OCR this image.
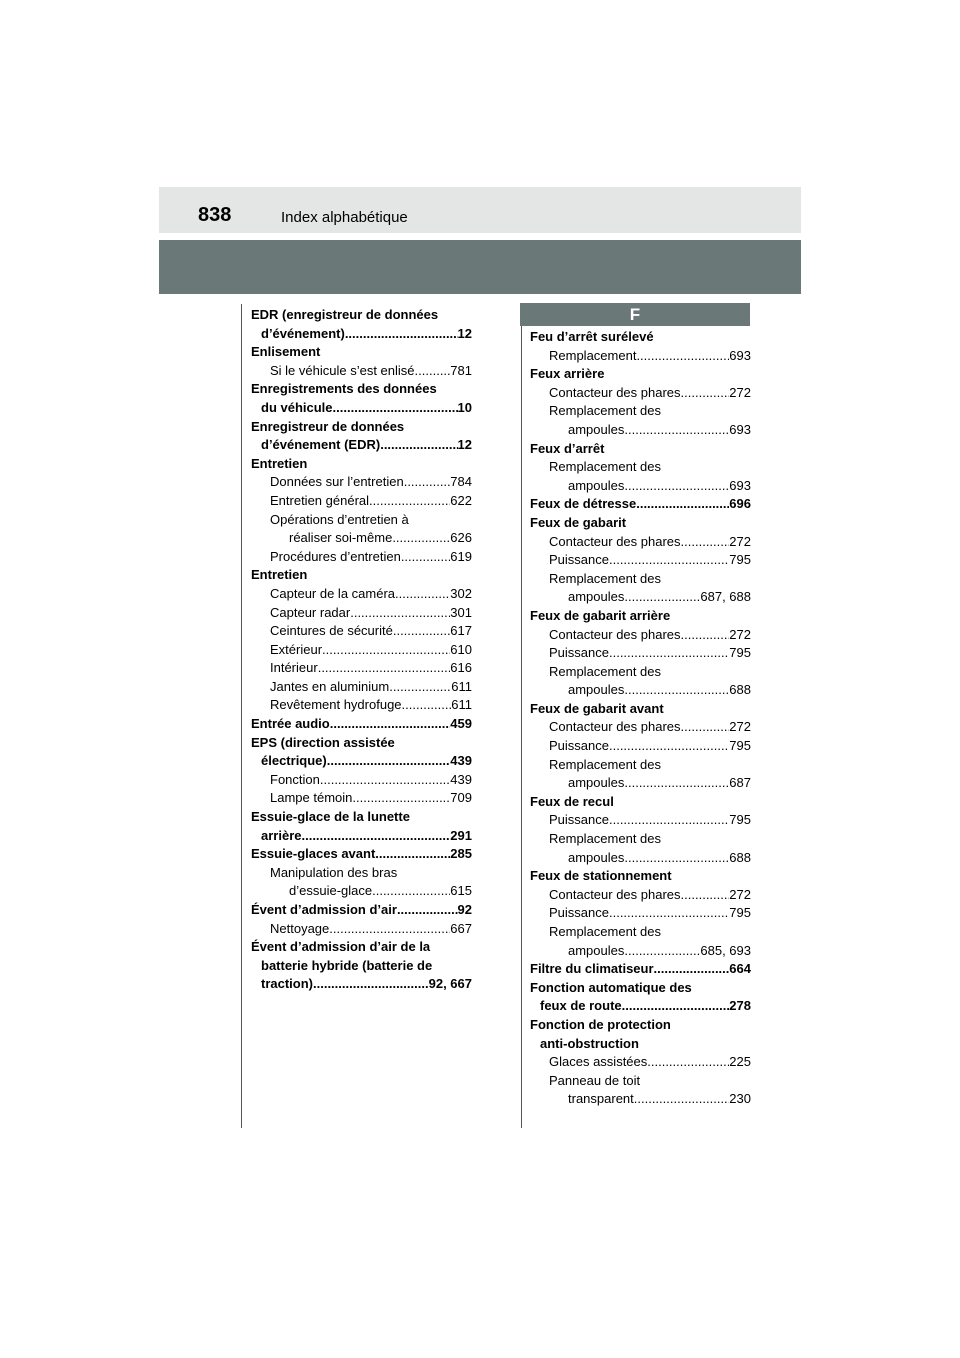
838	Index alphabétique
F
EDR (enregistreur de données
d’événement) .....	12
Enlisement
Si le véhicule s’est enlisé .....	781
Enregistrements des données
du véhicule .....	10
Enregistreur de données
d’événement (EDR) .....	12
Entretien
Données sur l’entretien .....	784
Entretien général .....	622
Opérations d’entretien à
réaliser soi-même .....	626
Procédures d’entretien .....	619
Entretien
Capteur de la caméra .....	302
Capteur radar .....	301
Ceintures de sécurité .....	617
Extérieur .....	610
Intérieur .....	616
Jantes en aluminium .....	611
Revêtement hydrofuge .....	611
Entrée audio .....	459
EPS (direction assistée
électrique) .....	439
Fonction .....	439
Lampe témoin .....	709
Essuie-glace de la lunette
arrière .....	291
Essuie-glaces avant .....	285
Manipulation des bras
d’essuie-glace .....	615
Évent d’admission d’air .....	92
Nettoyage .....	667
Évent d’admission d’air de la
batterie hybride (batterie de
traction) .....	92, 667
Feu d’arrêt surélevé
Remplacement .....	693
Feux arrière
Contacteur des phares .....	272
Remplacement des
ampoules .....	693
Feux d’arrêt
Remplacement des
ampoules .....	693
Feux de détresse .....	696
Feux de gabarit
Contacteur des phares .....	272
Puissance .....	795
Remplacement des
ampoules .....	687, 688
Feux de gabarit arrière
Contacteur des phares .....	272
Puissance .....	795
Remplacement des
ampoules .....	688
Feux de gabarit avant
Contacteur des phares .....	272
Puissance .....	795
Remplacement des
ampoules .....	687
Feux de recul
Puissance .....	795
Remplacement des
ampoules .....	688
Feux de stationnement
Contacteur des phares .....	272
Puissance .....	795
Remplacement des
ampoules .....	685, 693
Filtre du climatiseur .....	664
Fonction automatique des
feux de route .....	278
Fonction de protection
anti-obstruction
Glaces assistées .....	225
Panneau de toit
transparent .....	230
